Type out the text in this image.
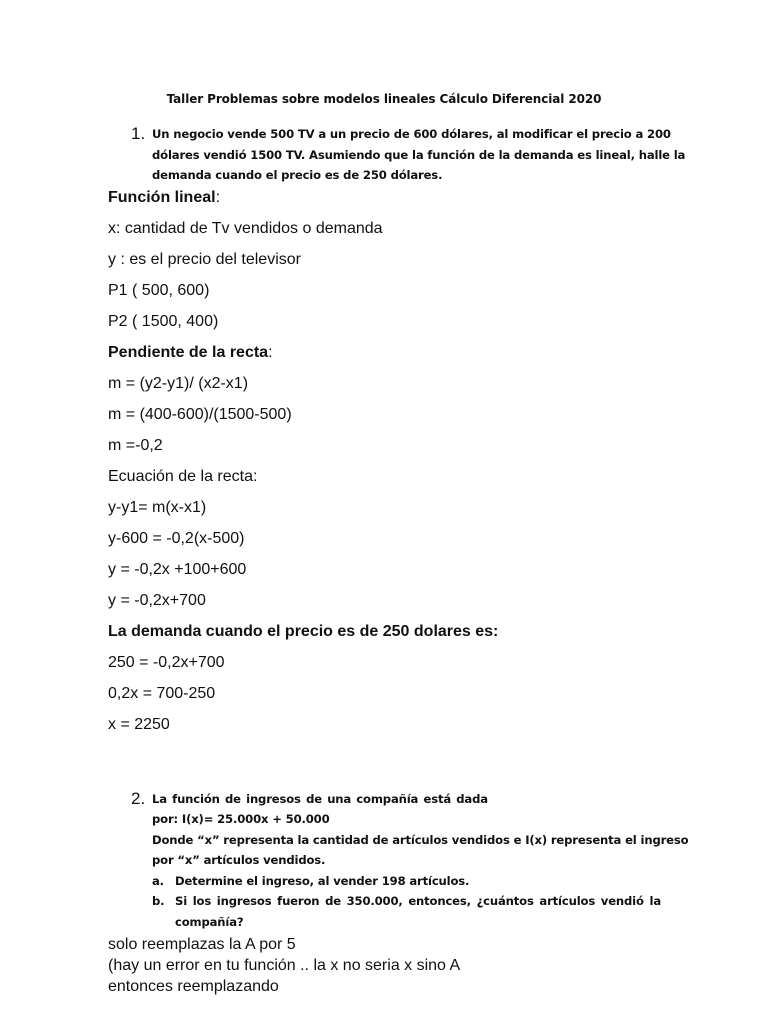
Taller Problemas sobre modelos lineales Cálculo Diferencial 2020
1. Un negocio vende 500 TV a un precio de 600 dólares, al modificar el precio a 200
dólares vendió 1500 TV. Asumiendo que la función de la demanda es lineal, halle la
demanda cuando el precio es de 250 dólares.
Función lineal:
x: cantidad de Tv vendidos o demanda
y : es el precio del televisor
P1 ( 500, 600)
P2 ( 1500, 400)
Pendiente de la recta:
m = (y2-y1)/ (x2-x1)
m = (400-600)/(1500-500)
m =-0,2
Ecuación de la recta:
y-y1= m(x-x1)
y-600 = -0,2(x-500)
y = -0,2x +100+600
y = -0,2x+700
La demanda cuando el precio es de 250 dolares es:
250 = -0,2x+700
0,2x = 700-250
x = 2250
2. La función de ingresos de una compañía está dada
por: I(x)= 25.000x + 50.000
Donde “x” representa la cantidad de artículos vendidos e I(x) representa el ingreso
por “x” artículos vendidos.
a. Determine el ingreso, al vender 198 artículos.
b. Si los ingresos fueron de 350.000, entonces, ¿cuántos artículos vendió la
compañía?
solo reemplazas la A por 5
(hay un error en tu función .. la x no seria x sino A
entonces reemplazando
